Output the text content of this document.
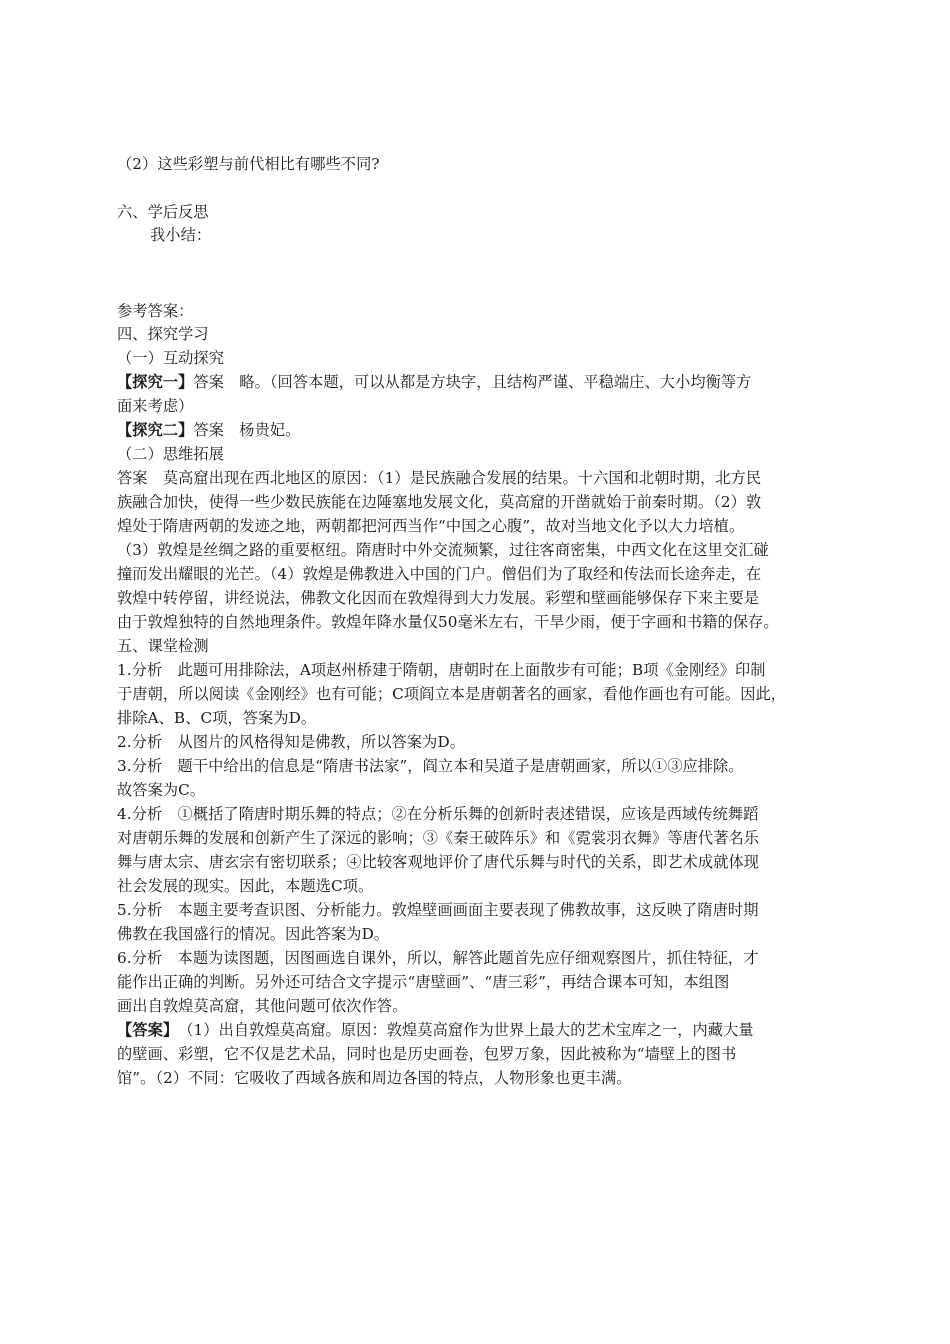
（2）这些彩塑与前代相比有哪些不同?
六、学后反思
我小结：
参考答案：
四、探究学习
（一）互动探究
【探究一】答案　略。（回答本题，可以从都是方块字，且结构严谨、平稳端庄、大小均衡等方
面来考虑）
【探究二】答案　杨贵妃。
（二）思维拓展
答案　莫高窟出现在西北地区的原因：（1）是民族融合发展的结果。十六国和北朝时期，北方民
族融合加快，使得一些少数民族能在边陲塞地发展文化，莫高窟的开凿就始于前秦时期。（2）敦
煌处于隋唐两朝的发迹之地，两朝都把河西当作“中国之心腹”，故对当地文化予以大力培植。
（3）敦煌是丝绸之路的重要枢纽。隋唐时中外交流频繁，过往客商密集，中西文化在这里交汇碰
撞而发出耀眼的光芒。（4）敦煌是佛教进入中国的门户。僧侣们为了取经和传法而长途奔走，在
敦煌中转停留，讲经说法，佛教文化因而在敦煌得到大力发展。彩塑和壁画能够保存下来主要是
由于敦煌独特的自然地理条件。敦煌年降水量仅50毫米左右，干旱少雨，便于字画和书籍的保存。
五、课堂检测
1.分析　此题可用排除法，A项赵州桥建于隋朝，唐朝时在上面散步有可能；B项《金刚经》印制
于唐朝，所以阅读《金刚经》也有可能；C项阎立本是唐朝著名的画家，看他作画也有可能。因此，
排除A、B、C项，答案为D。
2.分析　从图片的风格得知是佛教，所以答案为D。
3.分析　题干中给出的信息是“隋唐书法家”，阎立本和吴道子是唐朝画家，所以①③应排除。
故答案为C。
4.分析　①概括了隋唐时期乐舞的特点；②在分析乐舞的创新时表述错误，应该是西域传统舞蹈
对唐朝乐舞的发展和创新产生了深远的影响；③《秦王破阵乐》和《霓裳羽衣舞》等唐代著名乐
舞与唐太宗、唐玄宗有密切联系；④比较客观地评价了唐代乐舞与时代的关系，即艺术成就体现
社会发展的现实。因此，本题选C项。
5.分析　本题主要考查识图、分析能力。敦煌壁画画面主要表现了佛教故事，这反映了隋唐时期
佛教在我国盛行的情况。因此答案为D。
6.分析　本题为读图题，因图画选自课外，所以，解答此题首先应仔细观察图片，抓住特征，才
能作出正确的判断。另外还可结合文字提示“唐壁画”、“唐三彩”，再结合课本可知，本组图
画出自敦煌莫高窟，其他问题可依次作答。
【答案】　（1）出自敦煌莫高窟。原因：敦煌莫高窟作为世界上最大的艺术宝库之一，内藏大量
的壁画、彩塑，它不仅是艺术品，同时也是历史画卷，包罗万象，因此被称为“墙壁上的图书
馆”。（2）不同：它吸收了西域各族和周边各国的特点，人物形象也更丰满。
